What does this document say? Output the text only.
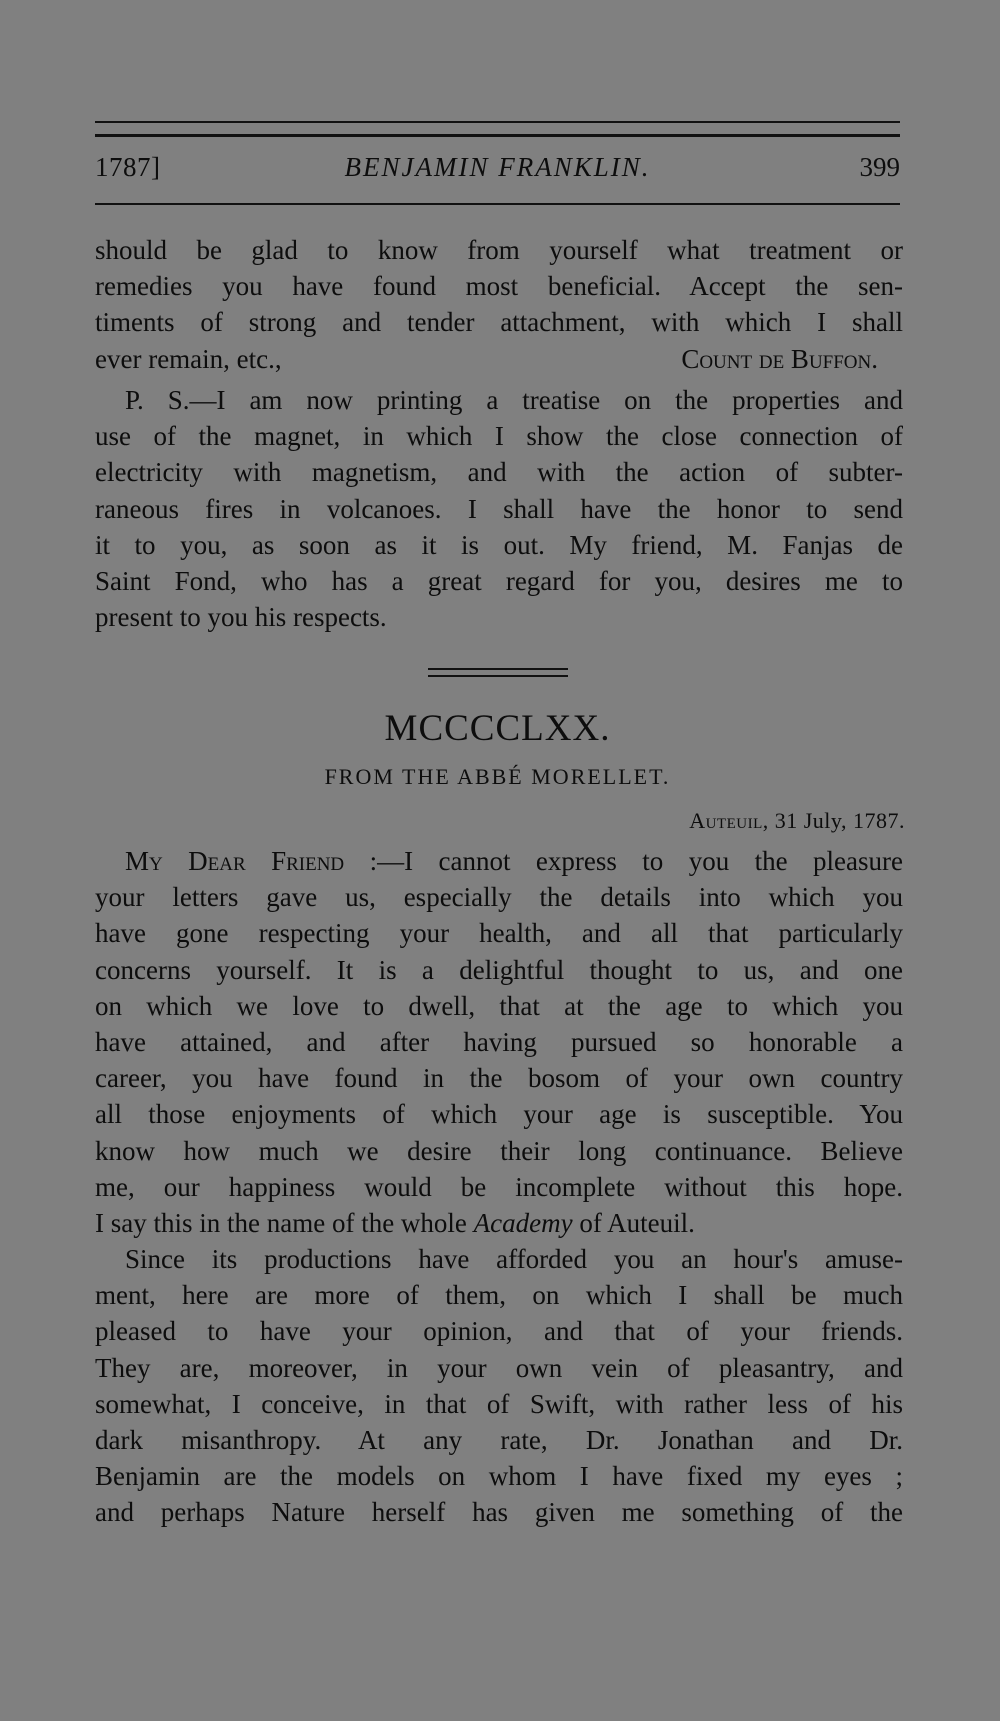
1787]	BENJAMIN FRANKLIN.	399
should be glad to know from yourself what treatment or
remedies you have found most beneficial. Accept the sen-
timents of strong and tender attachment, with which I shall
ever remain, etc.,	Count de Buffon.
P. S.—I am now printing a treatise on the properties and
use of the magnet, in which I show the close connection of
electricity with magnetism, and with the action of subter-
raneous fires in volcanoes. I shall have the honor to send
it to you, as soon as it is out. My friend, M. Fanjas de
Saint Fond, who has a great regard for you, desires me to
present to you his respects.
MCCCCLXX.
FROM THE ABBÉ MORELLET.
Auteuil, 31 July, 1787.
My Dear Friend :—I cannot express to you the pleasure
your letters gave us, especially the details into which you
have gone respecting your health, and all that particularly
concerns yourself. It is a delightful thought to us, and one
on which we love to dwell, that at the age to which you
have attained, and after having pursued so honorable a
career, you have found in the bosom of your own country
all those enjoyments of which your age is susceptible. You
know how much we desire their long continuance. Believe
me, our happiness would be incomplete without this hope.
I say this in the name of the whole Academy of Auteuil.
Since its productions have afforded you an hour's amuse-
ment, here are more of them, on which I shall be much
pleased to have your opinion, and that of your friends.
They are, moreover, in your own vein of pleasantry, and
somewhat, I conceive, in that of Swift, with rather less of his
dark misanthropy. At any rate, Dr. Jonathan and Dr.
Benjamin are the models on whom I have fixed my eyes ;
and perhaps Nature herself has given me something of the
